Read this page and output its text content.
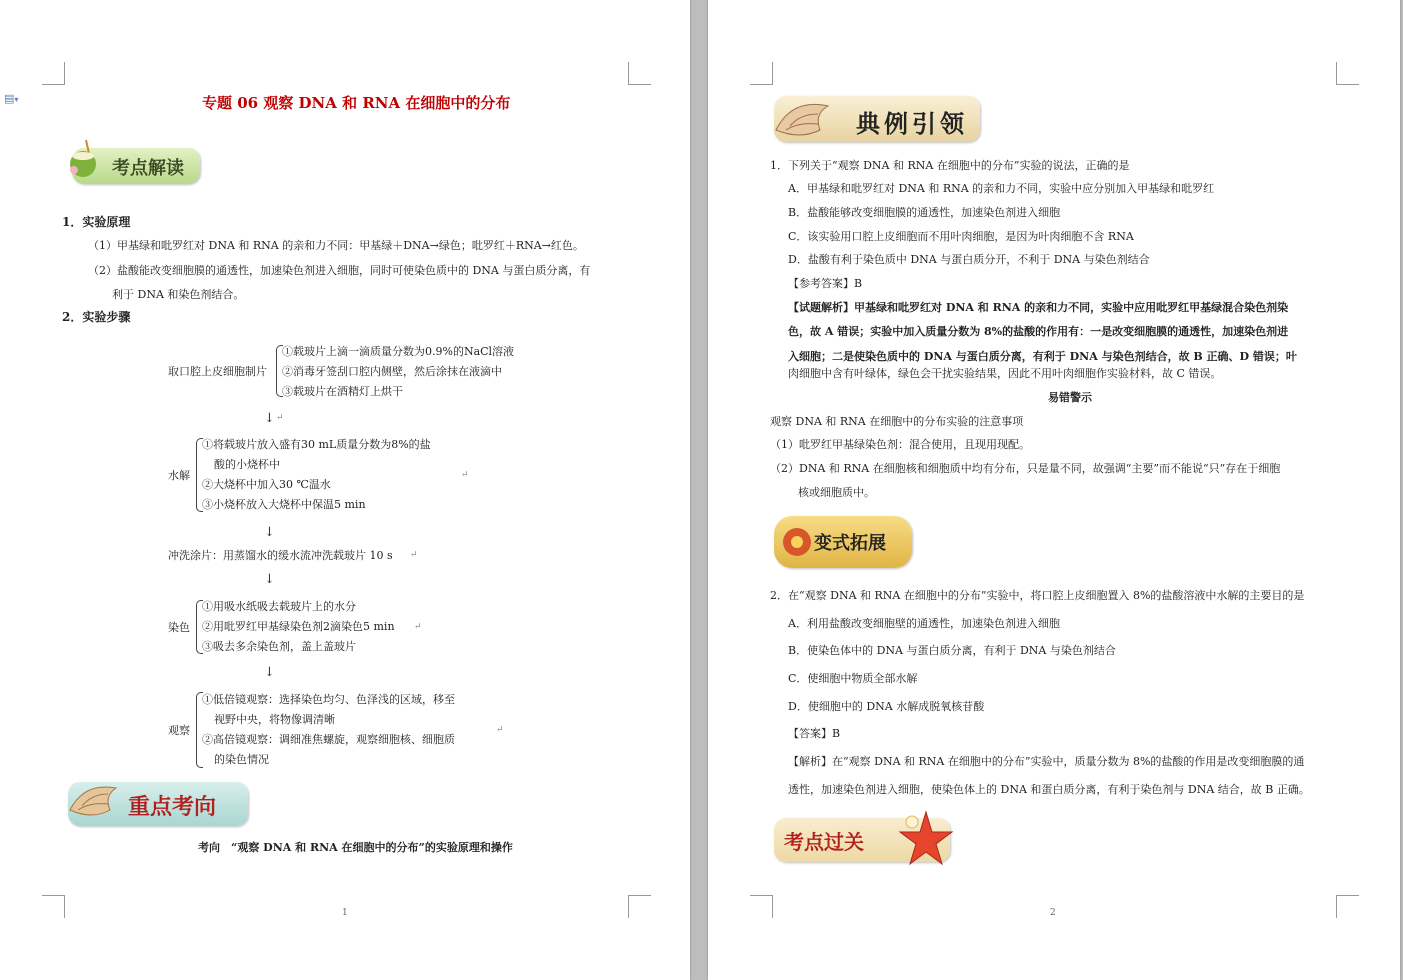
▤▾	专题 06 观察 DNA 和 RNA 在细胞中的分布
考点解读
1．实验原理
（1）甲基绿和吡罗红对 DNA 和 RNA 的亲和力不同：甲基绿＋DNA→绿色；吡罗红＋RNA→红色。
（2）盐酸能改变细胞膜的通透性，加速染色剂进入细胞，同时可使染色质中的 DNA 与蛋白质分离，有
利于 DNA 和染色剂结合。
2．实验步骤
取口腔上皮细胞制片
①载玻片上滴一滴质量分数为0.9%的NaCl溶液
②消毒牙签刮口腔内侧壁，然后涂抹在液滴中
③载玻片在酒精灯上烘干
↓ ↵
水解
①将载玻片放入盛有30 mL质量分数为8%的盐
酸的小烧杯中
②大烧杯中加入30 ℃温水
③小烧杯放入大烧杯中保温5 min
↵
↓
冲洗涂片：用蒸馏水的缓水流冲洗载玻片 10 s ↵
↓
染色
①用吸水纸吸去载玻片上的水分
②用吡罗红甲基绿染色剂2滴染色5 min
③吸去多余染色剂，盖上盖玻片
↵
↓
观察
①低倍镜观察：选择染色均匀、色泽浅的区域，移至
视野中央，将物像调清晰
②高倍镜观察：调细准焦螺旋，观察细胞核、细胞质
的染色情况
↵
重点考向
考向　“观察 DNA 和 RNA 在细胞中的分布”的实验原理和操作
1
典例引领
1．下列关于“观察 DNA 和 RNA 在细胞中的分布”实验的说法，正确的是
A．甲基绿和吡罗红对 DNA 和 RNA 的亲和力不同，实验中应分别加入甲基绿和吡罗红
B．盐酸能够改变细胞膜的通透性，加速染色剂进入细胞
C．该实验用口腔上皮细胞而不用叶肉细胞，是因为叶肉细胞不含 RNA
D．盐酸有利于染色质中 DNA 与蛋白质分开，不利于 DNA 与染色剂结合
【参考答案】B
【试题解析】甲基绿和吡罗红对 DNA 和 RNA 的亲和力不同，实验中应用吡罗红甲基绿混合染色剂染
色，故 A 错误；实验中加入质量分数为 8%的盐酸的作用有：一是改变细胞膜的通透性，加速染色剂进
入细胞；二是使染色质中的 DNA 与蛋白质分离，有利于 DNA 与染色剂结合，故 B 正确、D 错误；叶
肉细胞中含有叶绿体，绿色会干扰实验结果，因此不用叶肉细胞作实验材料，故 C 错误。
易错警示
观察 DNA 和 RNA 在细胞中的分布实验的注意事项
（1）吡罗红甲基绿染色剂：混合使用，且现用现配。
（2）DNA 和 RNA 在细胞核和细胞质中均有分布，只是量不同，故强调“主要”而不能说“只”存在于细胞
核或细胞质中。
变式拓展
2．在“观察 DNA 和 RNA 在细胞中的分布”实验中，将口腔上皮细胞置入 8%的盐酸溶液中水解的主要目的是
A．利用盐酸改变细胞壁的通透性，加速染色剂进入细胞
B．使染色体中的 DNA 与蛋白质分离，有利于 DNA 与染色剂结合
C．使细胞中物质全部水解
D．使细胞中的 DNA 水解成脱氧核苷酸
【答案】B
【解析】在“观察 DNA 和 RNA 在细胞中的分布”实验中，质量分数为 8%的盐酸的作用是改变细胞膜的通
透性，加速染色剂进入细胞，使染色体上的 DNA 和蛋白质分离，有利于染色剂与 DNA 结合，故 B 正确。
考点过关
2
